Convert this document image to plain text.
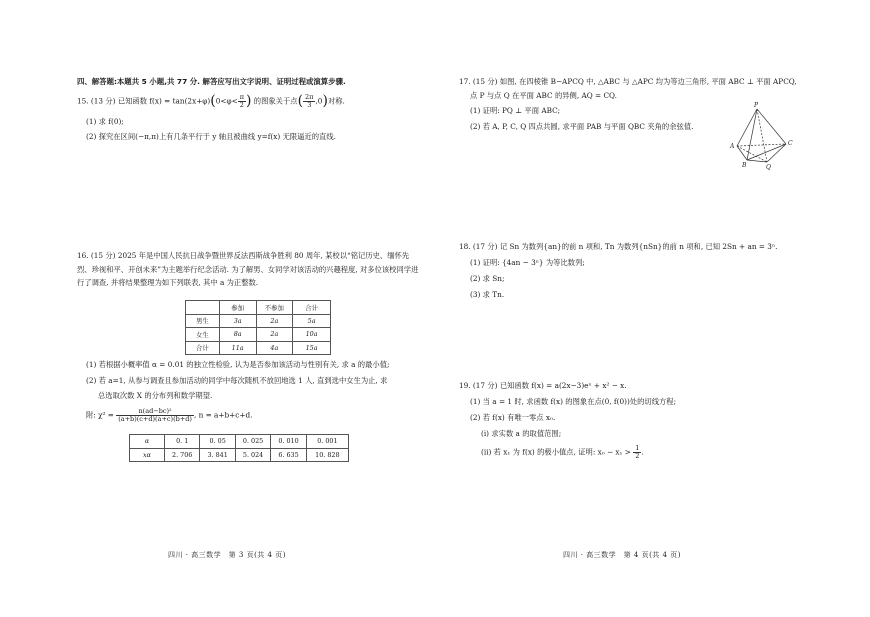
四、解答题:本题共 5 小题,共 77 分. 解答应写出文字说明、证明过程或演算步骤.
15. (13 分) 已知函数 $f(x) = \tan(2x+\varphi)(0<\varphi< \frac{\pi}{2}$ ) 的图象关于点( $\frac{2\pi}{3} ,0$)对称.
(1) 求 f(0);
(2) 探究在区间(−π,π)上有几条平行于 y 轴且被曲线 y=f(x) 无限逼近的直线.
16. (15 分) 2025 年是中国人民抗日战争暨世界反法西斯战争胜利 80 周年, 某校以“铭记历史、缅怀先烈、珍视和平、开创未来”为主题举行纪念活动. 为了解男、女同学对该活动的兴趣程度, 对多位该校同学进行了调查, 并将结果整理为如下列联表, 其中 a 为正整数.
	参加	不参加	合计
男生	3a	2a	5a
女生	8a	2a	10a
合计	11a	4a	15a
(1) 若根据小概率值 α = 0.01 的独立性检验, 认为是否参加该活动与性别有关, 求 a 的最小值;
(2) 若 a=1, 从参与调查且参加活动的同学中每次随机不放回地选 1 人, 直到选中女生为止, 求
总选取次数 X 的分布列和数学期望.
附: $\chi^2 = \frac{\text{n(ad−bc)²}}{(a+b)(c+d)(a+c)(b+d)}$ , n = a+b+c+d.
α	0. 1	0. 05	0. 025	0. 010	0. 001
xα	2. 706	3. 841	5. 024	6. 635	10. 828
四川 · 高三数学　第 3 页(共 4 页)
17. (15 分) 如图, 在四棱锥 B−APCQ 中, △ABC 与 △APC 均为等边三角形, 平面 ABC ⊥ 平面 APCQ,
点 P 与点 Q 在平面 ABC 的异侧, AQ = CQ.
(1) 证明: PQ ⊥ 平面 ABC;
(2) 若 A, P, C, Q 四点共圆, 求平面 PAB 与平面 QBC 夹角的余弦值.
P
A
B
C
Q
18. (17 分) 记 Sn 为数列{an}的前 n 项和, Tn 为数列{nSn}的前 n 项和, 已知 2Sn + an = 3ⁿ.
(1) 证明: {4an − 3ⁿ} 为等比数列;
(2) 求 Sn;
(3) 求 Tn.
19. (17 分) 已知函数 f(x) = a(2x−3)eˣ + x² − x.
(1) 当 a = 1 时, 求函数 f(x) 的图象在点(0, f(0))处的切线方程;
(2) 若 f(x) 有唯一零点 x₀.
(i) 求实数 a 的取值范围;
(ii) 若 x₁ 为 f(x) 的极小值点, 证明: $x_0 - x_1 > \frac{1}{2}$ .
四川 · 高三数学　第 4 页(共 4 页)
